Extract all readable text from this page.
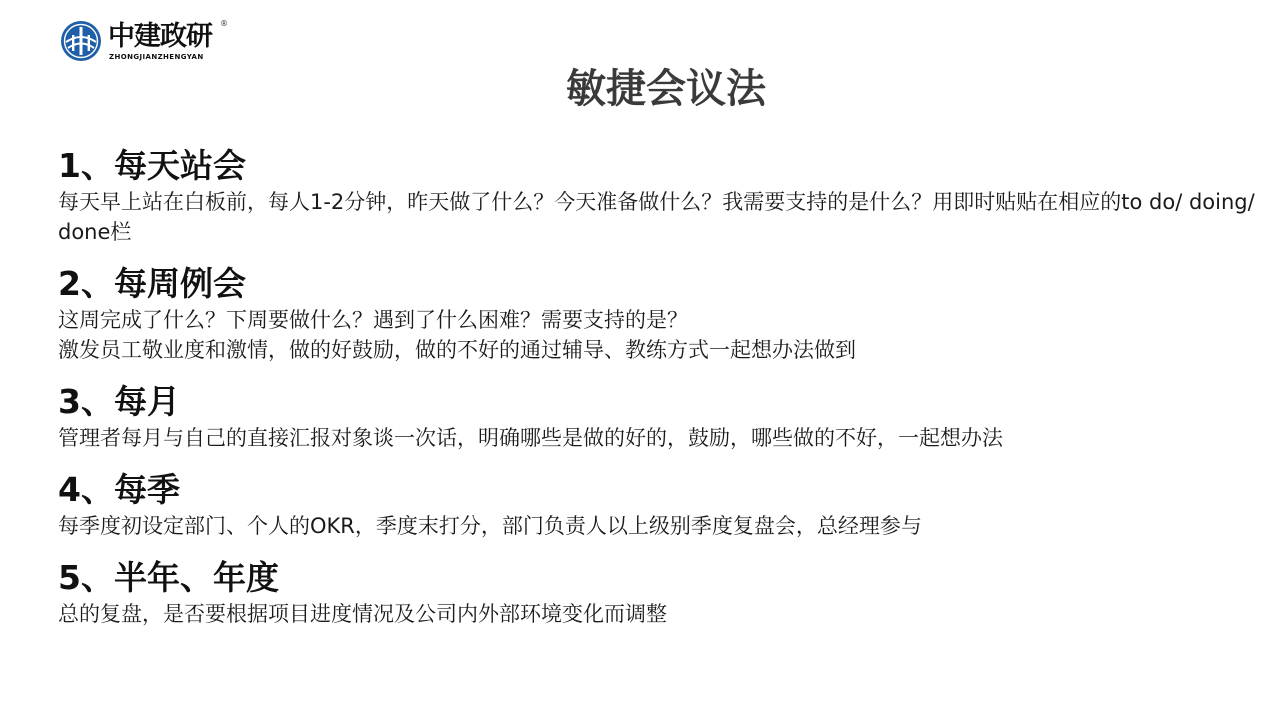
中建政研 ®
ZHONGJIANZHENGYAN
敏捷会议法
1、每天站会

每天早上站在白板前，每人1-2分钟，昨天做了什么？今天准备做什么？我需要支持的是什么？用即时贴贴在相应的to do/ doing/ done栏

2、每周例会

这周完成了什么？下周要做什么？遇到了什么困难？需要支持的是？
激发员工敬业度和激情，做的好鼓励，做的不好的通过辅导、教练方式一起想办法做到

3、每月

管理者每月与自己的直接汇报对象谈一次话，明确哪些是做的好的，鼓励，哪些做的不好，一起想办法

4、每季

每季度初设定部门、个人的OKR，季度末打分，部门负责人以上级别季度复盘会，总经理参与

5、半年、年度

总的复盘，是否要根据项目进度情况及公司内外部环境变化而调整
